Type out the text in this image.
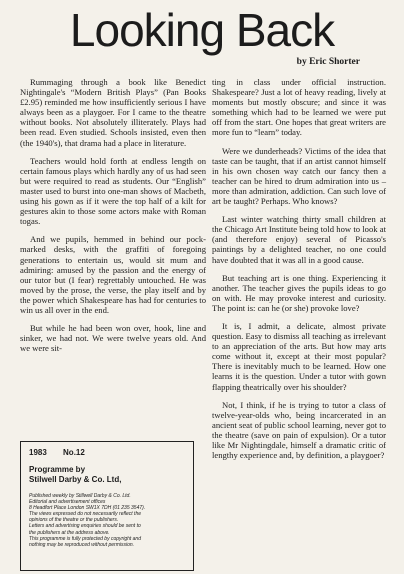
Looking Back
by Eric Shorter

Rummaging through a book like Benedict Nightingale's “Modern British Plays” (Pan Books £2.95) reminded me how insufficiently serious I have always been as a playgoer. For I came to the theatre without books. Not absolutely illiterately. Plays had been read. Even studied. Schools insisted, even then (the 1940's), that drama had a place in literature.

Teachers would hold forth at endless length on certain famous plays which hardly any of us had seen but were required to read as students. Our “English” master used to burst into one-man shows of Macbeth, using his gown as if it were the top half of a kilt for gestures akin to those some actors make with Roman togas.

And we pupils, hemmed in behind our pock-marked desks, with the graffiti of foregoing generations to entertain us, would sit mum and admiring: amused by the passion and the energy of our tutor but (I fear) regrettably untouched. He was moved by the prose, the verse, the play itself and by the power which Shakespeare has had for centuries to win us all over in the end.

But while he had been won over, hook, line and sinker, we had not. We were twelve years old. And we were sit-

ting in class under official instruction. Shakespeare? Just a lot of heavy reading, lively at moments but mostly obscure; and since it was something which had to be learned we were put off from the start. One hopes that great writers are more fun to “learn” today.

Were we dunderheads? Victims of the idea that taste can be taught, that if an artist cannot himself in his own chosen way catch our fancy then a teacher can be hired to drum admiration into us – more than admiration, addiction. Can such love of art be taught? Perhaps. Who knows?

Last winter watching thirty small children at the Chicago Art Institute being told how to look at (and therefore enjoy) several of Picasso's paintings by a delighted teacher, no one could have doubted that it was all in a good cause.

But teaching art is one thing. Experiencing it another. The teacher gives the pupils ideas to go on with. He may provoke interest and curiosity. The point is: can he (or she) provoke love?

It is, I admit, a delicate, almost private question. Easy to dismiss all teaching as irrelevant to an appreciation of the arts. But how may arts come without it, except at their most popular? There is inevitably much to be learned. How one learns it is the question. Under a tutor with gown flapping theatrically over his shoulder?

Not, I think, if he is trying to tutor a class of twelve-year-olds who, being incarcerated in an ancient seat of public school learning, never got to the theatre (save on pain of expulsion). Or a tutor like Mr Nightingdale, himself a dramatic critic of lengthy experience and, by definition, a playgoer?

1983 No.12
Programme by
Stilwell Darby & Co. Ltd,
Published weekly by Stillwell Darby & Co. Ltd.
Editorial and advertisement offices
8 Headfort Place London SW1X 7DH (01 235 3547).
The views expressed do not necessarily reflect the
opinions of the theatre or the publishers.
Letters and advertising enquiries should be sent to
the publishers at the address above.
This programme is fully protected by copyright and
nothing may be reproduced without permission.
